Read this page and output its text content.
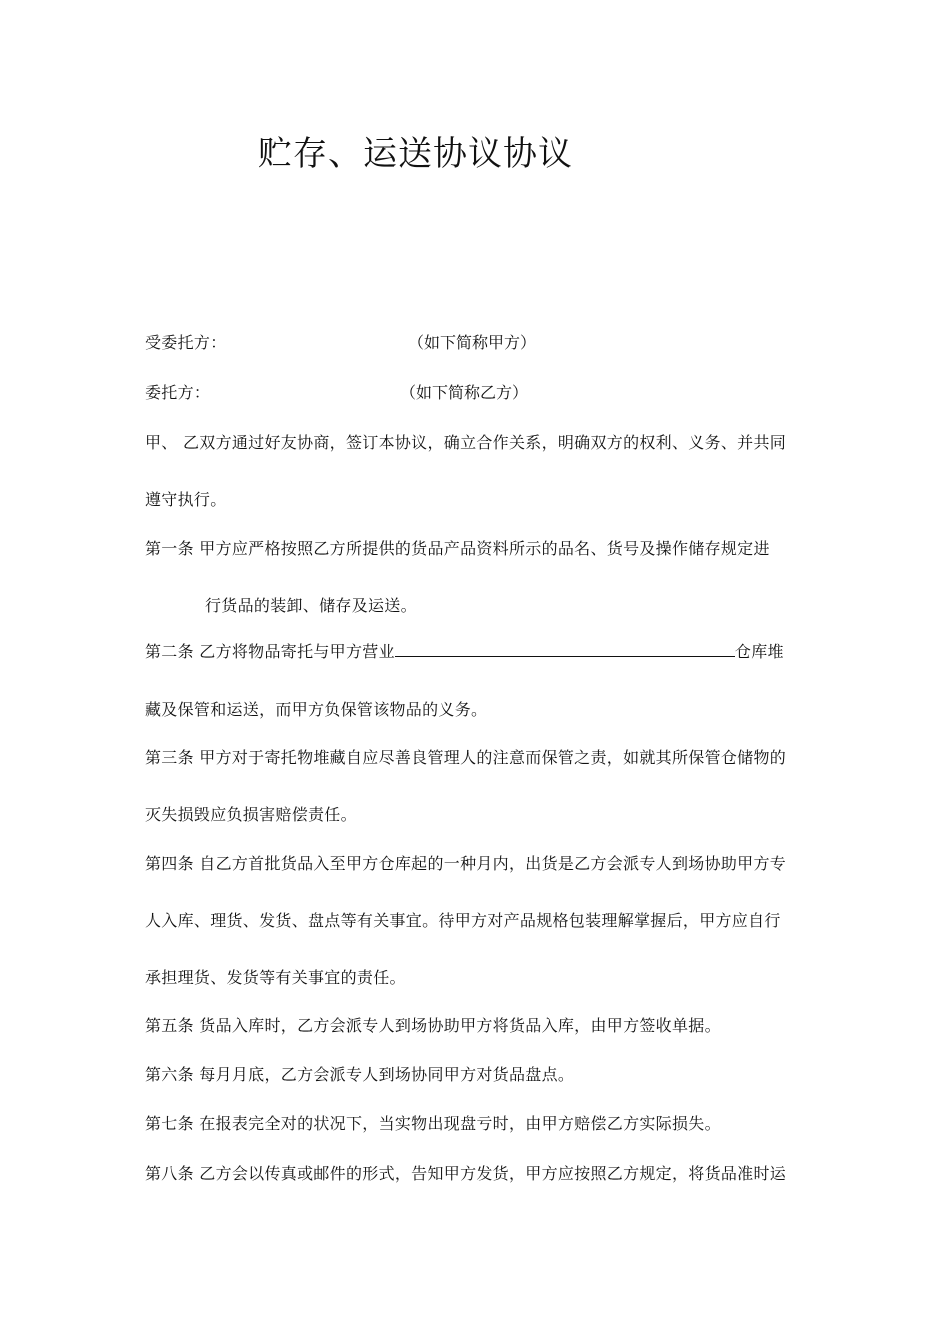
贮存、运送协议协议
受委托方：	（如下简称甲方）
委托方：	（如下简称乙方）
甲、 乙双方通过好友协商，签订本协议，确立合作关系，明确双方的权利、义务、并共同
遵守执行。
第一条 甲方应严格按照乙方所提供的货品产品资料所示的品名、货号及操作储存规定进
行货品的装卸、储存及运送。
第二条 乙方将物品寄托与甲方营业	仓库堆
藏及保管和运送，而甲方负保管该物品的义务。
第三条 甲方对于寄托物堆藏自应尽善良管理人的注意而保管之责，如就其所保管仓储物的
灭失损毁应负损害赔偿责任。
第四条 自乙方首批货品入至甲方仓库起的一种月内，出货是乙方会派专人到场协助甲方专
人入库、理货、发货、盘点等有关事宜。待甲方对产品规格包装理解掌握后，甲方应自行
承担理货、发货等有关事宜的责任。
第五条 货品入库时，乙方会派专人到场协助甲方将货品入库，由甲方签收单据。
第六条 每月月底，乙方会派专人到场协同甲方对货品盘点。
第七条 在报表完全对的状况下，当实物出现盘亏时，由甲方赔偿乙方实际损失。
第八条 乙方会以传真或邮件的形式，告知甲方发货，甲方应按照乙方规定，将货品准时运
